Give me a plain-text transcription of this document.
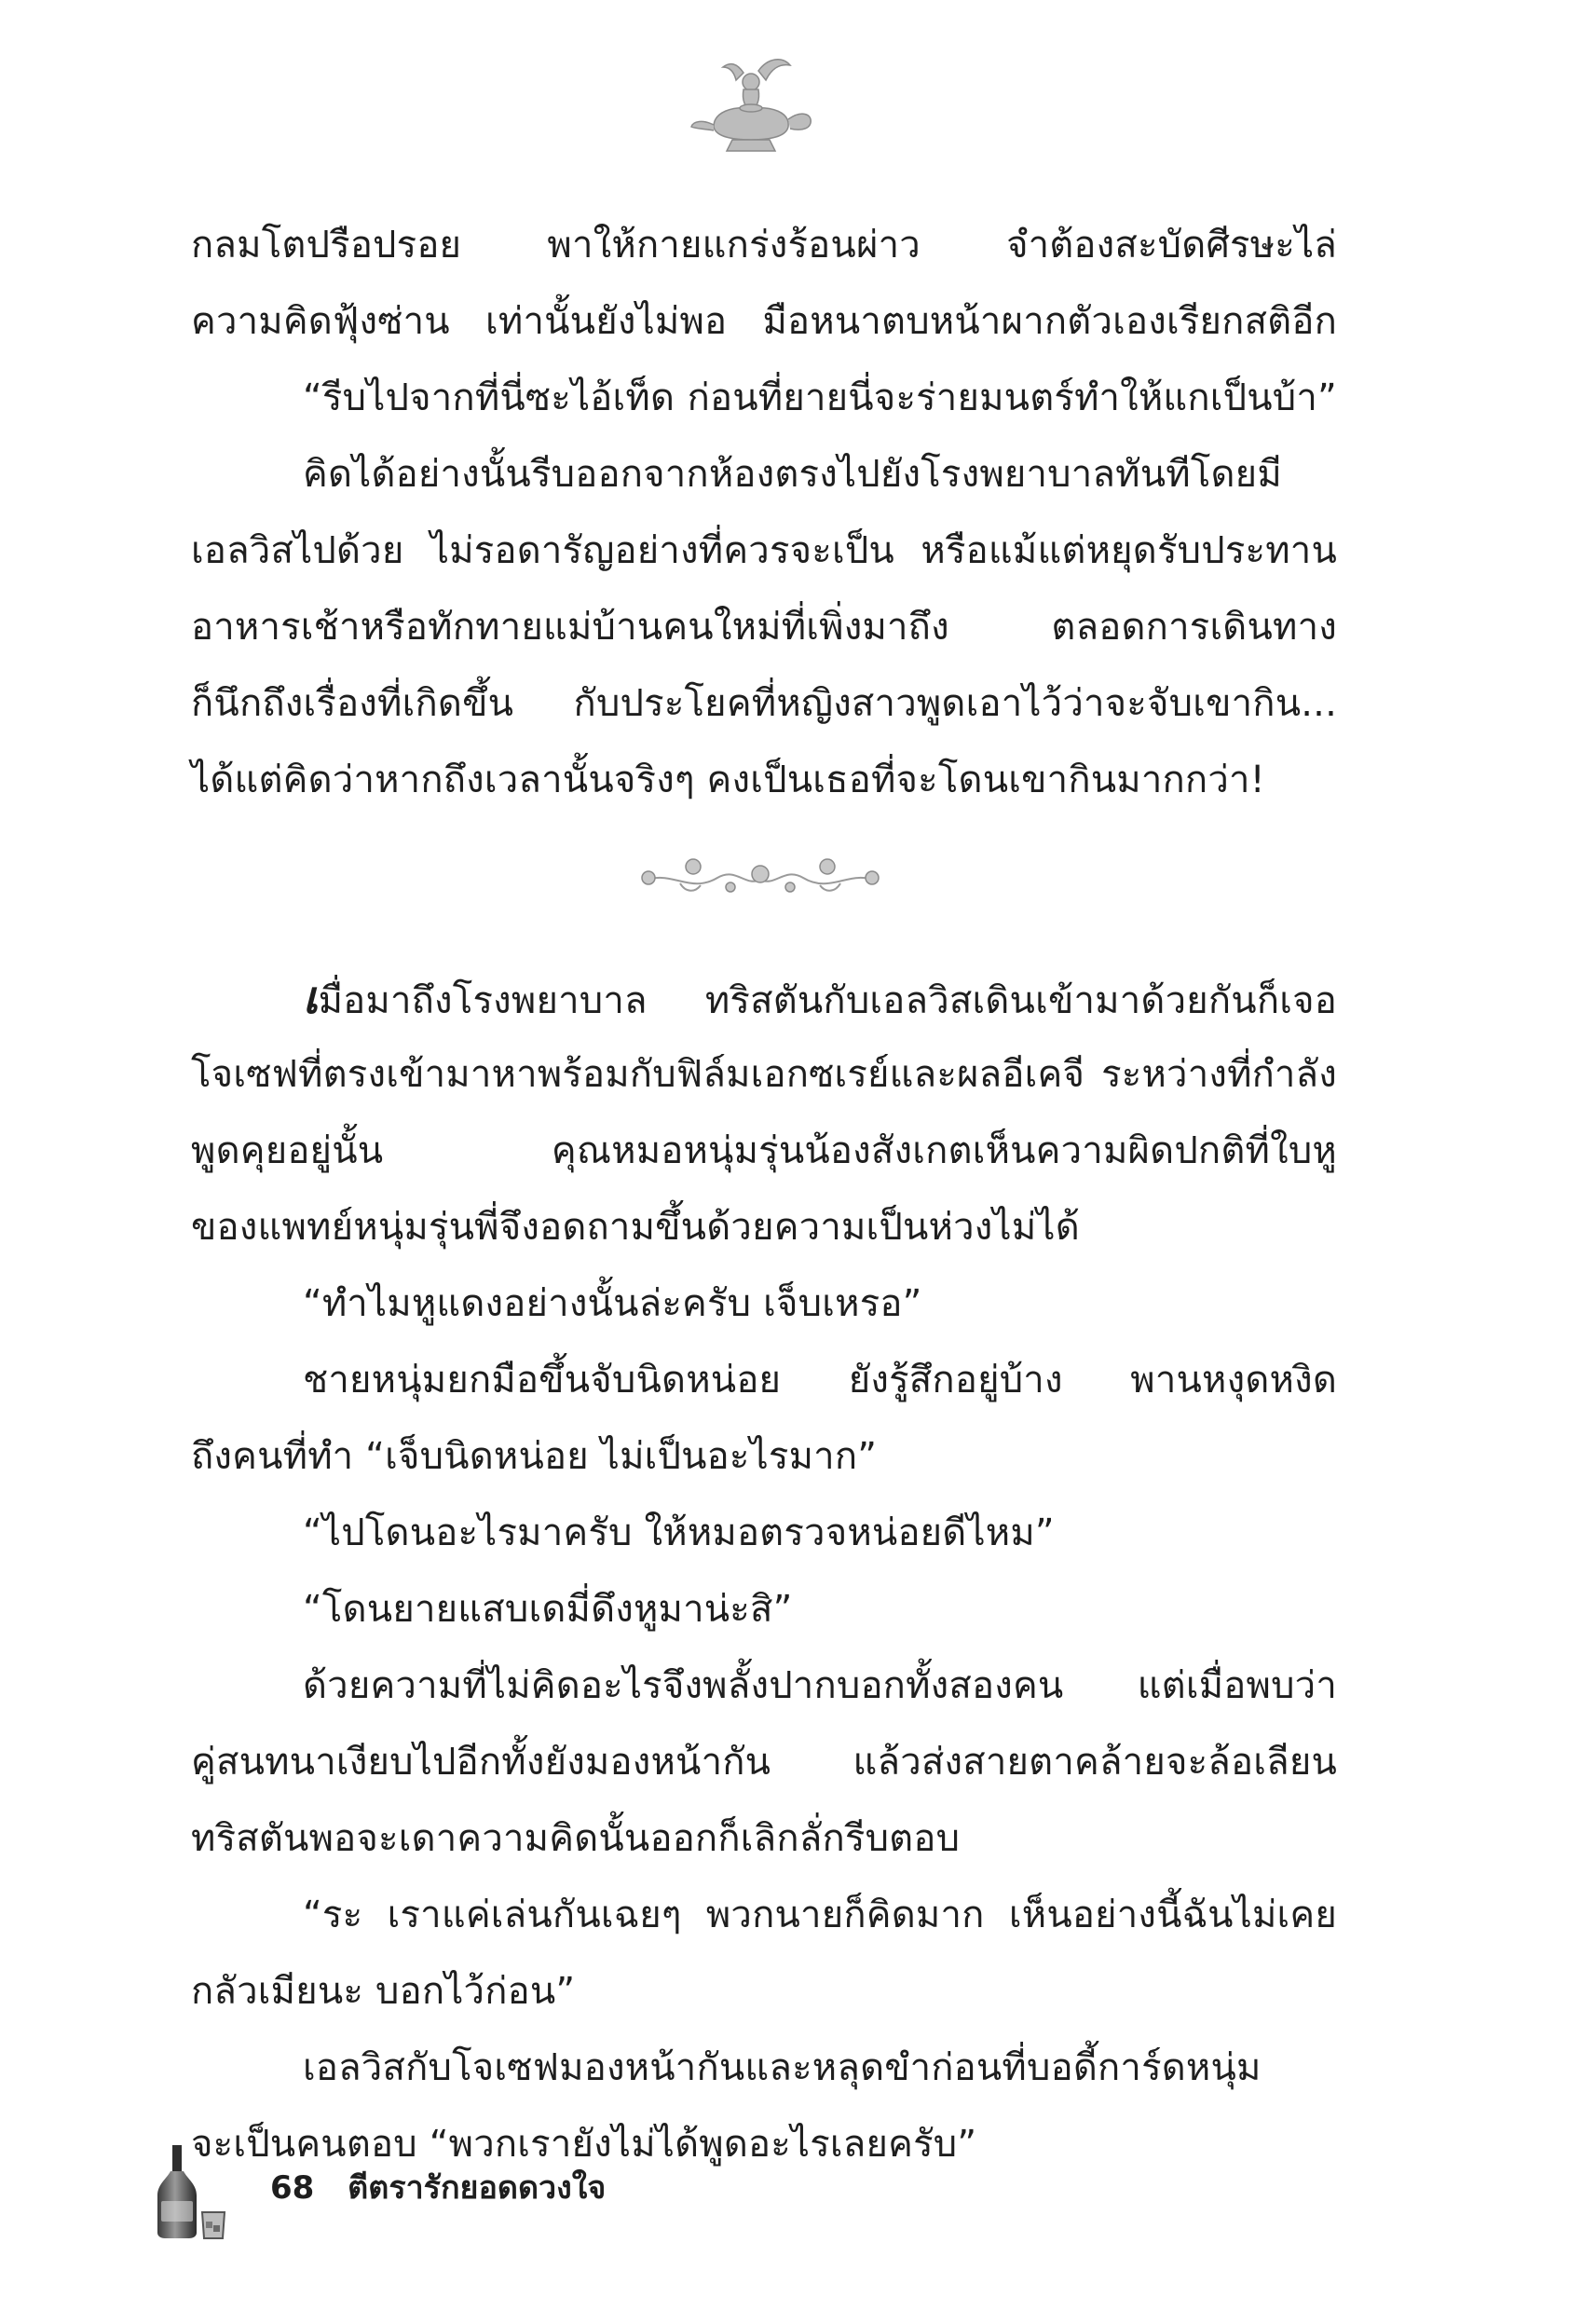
กลมโตปรือปรอย พาให้กายแกร่งร้อนผ่าว จำต้องสะบัดศีรษะไล่
ความคิดฟุ้งซ่าน เท่านั้นยังไม่พอ มือหนาตบหน้าผากตัวเองเรียกสติอีก
“รีบไปจากที่นี่ซะไอ้เท็ด ก่อนที่ยายนี่จะร่ายมนตร์ทำให้แกเป็นบ้า”
คิดได้อย่างนั้นรีบออกจากห้องตรงไปยังโรงพยาบาลทันทีโดยมี
เอลวิสไปด้วย ไม่รอดารัญอย่างที่ควรจะเป็น หรือแม้แต่หยุดรับประทาน
อาหารเช้าหรือทักทายแม่บ้านคนใหม่ที่เพิ่งมาถึง ตลอดการเดินทาง
ก็นึกถึงเรื่องที่เกิดขึ้น กับประโยคที่หญิงสาวพูดเอาไว้ว่าจะจับเขากิน...
ได้แต่คิดว่าหากถึงเวลานั้นจริงๆ คงเป็นเธอที่จะโดนเขากินมากกว่า!
เมื่อมาถึงโรงพยาบาล ทริสตันกับเอลวิสเดินเข้ามาด้วยกันก็เจอ
โจเซฟที่ตรงเข้ามาหาพร้อมกับฟิล์มเอกซเรย์และผลอีเคจี ระหว่างที่กำลัง
พูดคุยอยู่นั้น คุณหมอหนุ่มรุ่นน้องสังเกตเห็นความผิดปกติที่ใบหู
ของแพทย์หนุ่มรุ่นพี่จึงอดถามขึ้นด้วยความเป็นห่วงไม่ได้
“ทำไมหูแดงอย่างนั้นล่ะครับ เจ็บเหรอ”
ชายหนุ่มยกมือขึ้นจับนิดหน่อย ยังรู้สึกอยู่บ้าง พานหงุดหงิด
ถึงคนที่ทำ “เจ็บนิดหน่อย ไม่เป็นอะไรมาก”
“ไปโดนอะไรมาครับ ให้หมอตรวจหน่อยดีไหม”
“โดนยายแสบเดมี่ดึงหูมาน่ะสิ”
ด้วยความที่ไม่คิดอะไรจึงพลั้งปากบอกทั้งสองคน แต่เมื่อพบว่า
คู่สนทนาเงียบไปอีกทั้งยังมองหน้ากัน แล้วส่งสายตาคล้ายจะล้อเลียน
ทริสตันพอจะเดาความคิดนั้นออกก็เลิกลั่กรีบตอบ
“ระ เราแค่เล่นกันเฉยๆ พวกนายก็คิดมาก เห็นอย่างนี้ฉันไม่เคย
กลัวเมียนะ บอกไว้ก่อน”
เอลวิสกับโจเซฟมองหน้ากันและหลุดขำก่อนที่บอดี้การ์ดหนุ่ม
จะเป็นคนตอบ “พวกเรายังไม่ได้พูดอะไรเลยครับ”
68 ตีตรารักยอดดวงใจ
